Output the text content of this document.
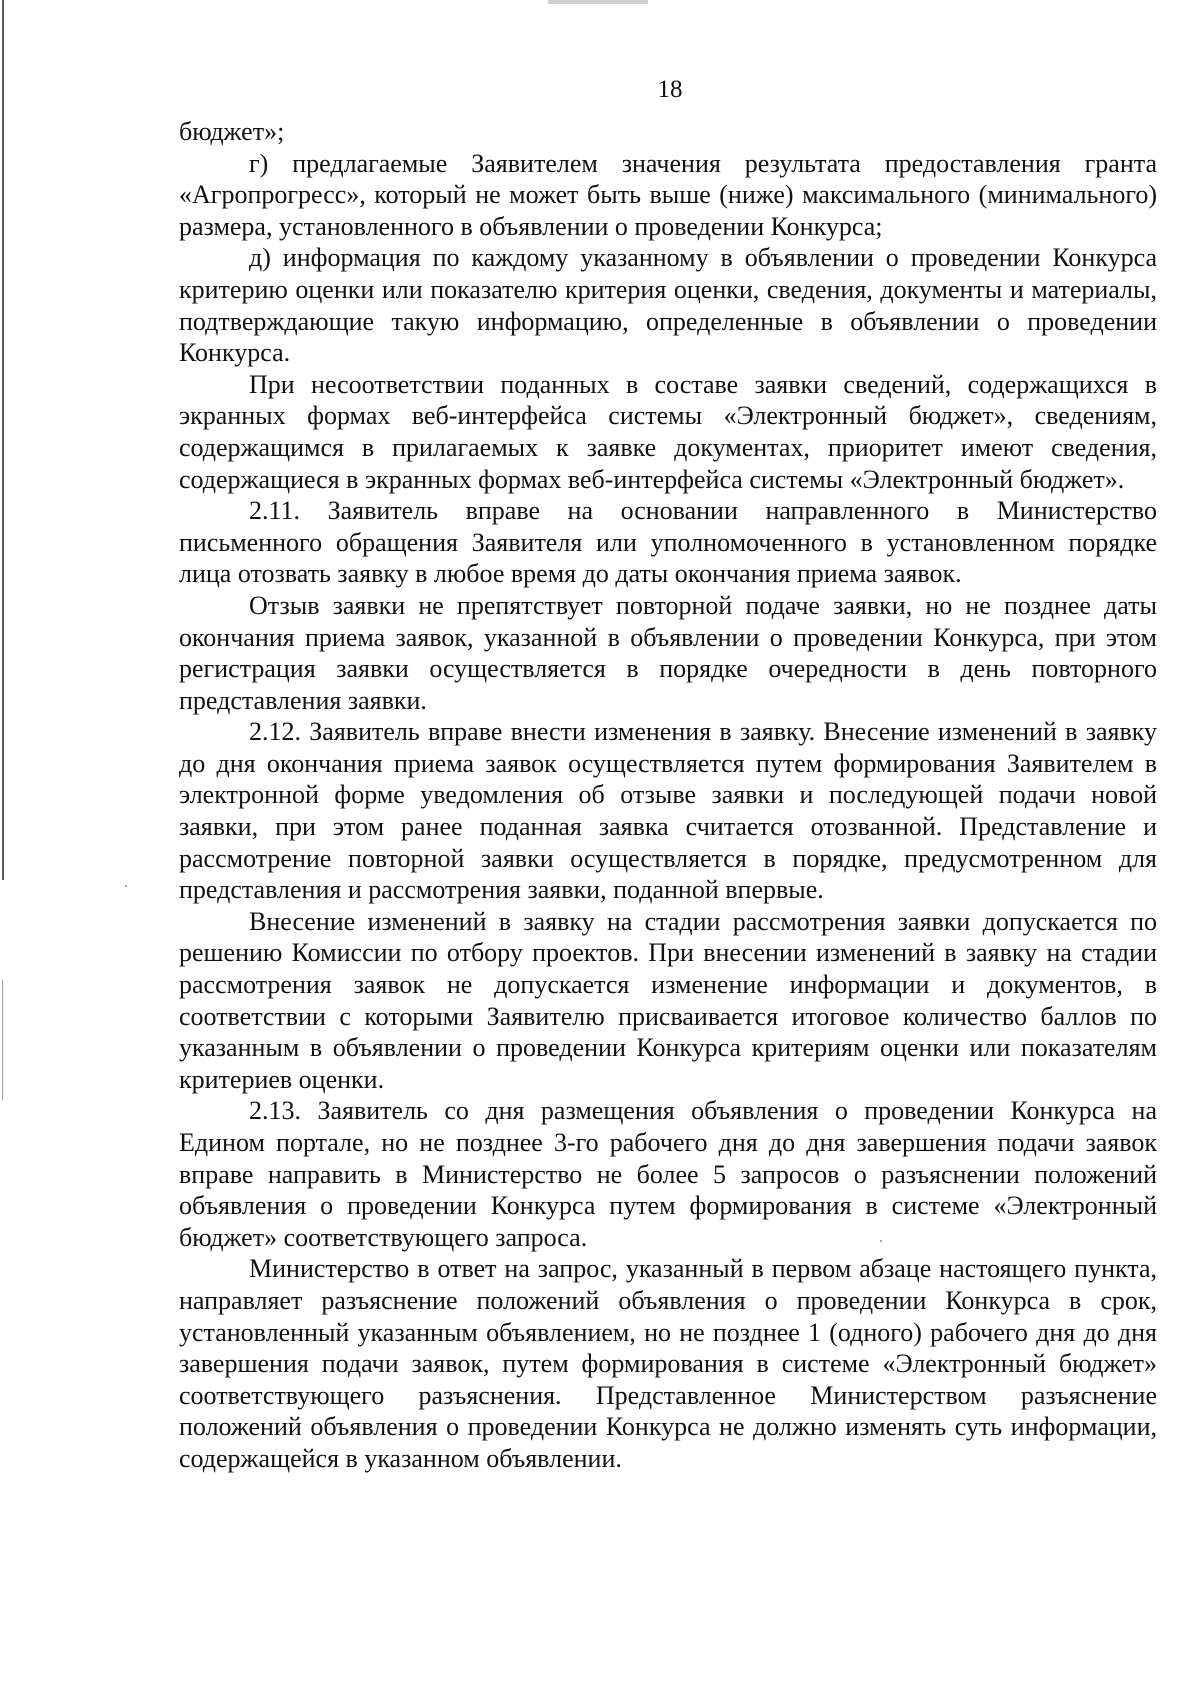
18

бюджет»;

г) предлагаемые Заявителем значения результата предоставления гранта «Агропрогресс», который не может быть выше (ниже) максимального (минимального) размера, установленного в объявлении о проведении Конкурса;

д) информация по каждому указанному в объявлении о проведении Конкурса критерию оценки или показателю критерия оценки, сведения, документы и материалы, подтверждающие такую информацию, определенные в объявлении о проведении Конкурса.

При несоответствии поданных в составе заявки сведений, содержащихся в экранных формах веб-интерфейса системы «Электронный бюджет», сведениям, содержащимся в прилагаемых к заявке документах, приоритет имеют сведения, содержащиеся в экранных формах веб-интерфейса системы «Электронный бюджет».

2.11. Заявитель вправе на основании направленного в Министерство письменного обращения Заявителя или уполномоченного в установленном порядке лица отозвать заявку в любое время до даты окончания приема заявок.

Отзыв заявки не препятствует повторной подаче заявки, но не позднее даты окончания приема заявок, указанной в объявлении о проведении Конкурса, при этом регистрация заявки осуществляется в порядке очередности в день повторного представления заявки.

2.12. Заявитель вправе внести изменения в заявку. Внесение изменений в заявку до дня окончания приема заявок осуществляется путем формирования Заявителем в электронной форме уведомления об отзыве заявки и последующей подачи новой заявки, при этом ранее поданная заявка считается отозванной. Представление и рассмотрение повторной заявки осуществляется в порядке, предусмотренном для представления и рассмотрения заявки, поданной впервые.

Внесение изменений в заявку на стадии рассмотрения заявки допускается по решению Комиссии по отбору проектов. При внесении изменений в заявку на стадии рассмотрения заявок не допускается изменение информации и документов, в соответствии с которыми Заявителю присваивается итоговое количество баллов по указанным в объявлении о проведении Конкурса критериям оценки или показателям критериев оценки.

2.13. Заявитель со дня размещения объявления о проведении Конкурса на Едином портале, но не позднее 3-го рабочего дня до дня завершения подачи заявок вправе направить в Министерство не более 5 запросов о разъяснении положений объявления о проведении Конкурса путем формирования в системе «Электронный бюджет» соответствующего запроса.

Министерство в ответ на запрос, указанный в первом абзаце настоящего пункта, направляет разъяснение положений объявления о проведении Конкурса в срок, установленный указанным объявлением, но не позднее 1 (одного) рабочего дня до дня завершения подачи заявок, путем формирования в системе «Электронный бюджет» соответствующего разъяснения. Представленное Министерством разъяснение положений объявления о проведении Конкурса не должно изменять суть информации, содержащейся в указанном объявлении.
